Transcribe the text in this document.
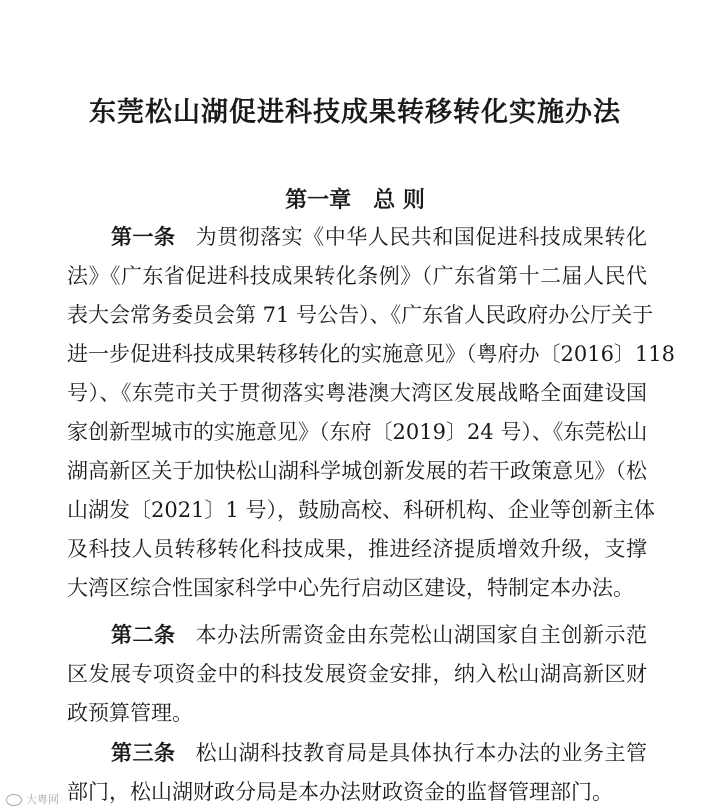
东莞松山湖促进科技成果转移转化实施办法
第一章 总 则

第一条 为贯彻落实《中华人民共和国促进科技成果转化

法》《广东省促进科技成果转化条例》（广东省第十二届人民代

表大会常务委员会第 71 号公告）、《广东省人民政府办公厅关于

进一步促进科技成果转移转化的实施意见》（粤府办〔2016〕118

号）、《东莞市关于贯彻落实粤港澳大湾区发展战略全面建设国

家创新型城市的实施意见》（东府〔2019〕24 号）、《东莞松山

湖高新区关于加快松山湖科学城创新发展的若干政策意见》（松

山湖发〔2021〕1 号），鼓励高校、科研机构、企业等创新主体

及科技人员转移转化科技成果，推进经济提质增效升级，支撑

大湾区综合性国家科学中心先行启动区建设，特制定本办法。

第二条 本办法所需资金由东莞松山湖国家自主创新示范

区发展专项资金中的科技发展资金安排，纳入松山湖高新区财

政预算管理。

第三条 松山湖科技教育局是具体执行本办法的业务主管

部门，松山湖财政分局是本办法财政资金的监督管理部门。

大粤网
